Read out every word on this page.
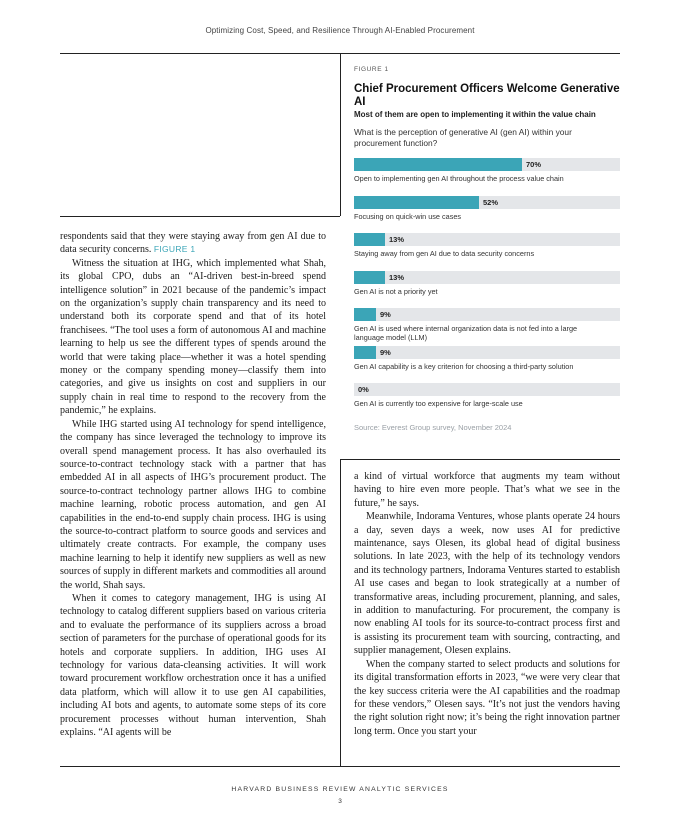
Optimizing Cost, Speed, and Resilience Through AI-Enabled Procurement

respondents said that they were staying away from gen AI due to data security concerns. FIGURE 1

Witness the situation at IHG, which implemented what Shah, its global CPO, dubs an “AI-driven best-in-breed spend intelligence solution” in 2021 because of the pandemic’s impact on the organization’s supply chain transparency and its need to understand both its corporate spend and that of its hotel franchisees. “The tool uses a form of autonomous AI and machine learning to help us see the different types of spends around the world that were taking place—whether it was a hotel spending money or the company spending money—classify them into categories, and give us insights on cost and suppliers in our supply chain in real time to respond to the recovery from the pandemic,” he explains.

While IHG started using AI technology for spend intelligence, the company has since leveraged the technology to improve its overall spend management process. It has also overhauled its source-to-contract technology stack with a partner that has embedded AI in all aspects of IHG’s procurement product. The source-to-contract technology partner allows IHG to combine machine learning, robotic process automation, and gen AI capabilities in the end-to-end supply chain process. IHG is using the source-to-contract platform to source goods and services and ultimately create contracts. For example, the company uses machine learning to help it identify new suppliers as well as new sources of supply in different markets and commodities all around the world, Shah says.

When it comes to category management, IHG is using AI technology to catalog different suppliers based on various criteria and to evaluate the performance of its suppliers across a broad section of parameters for the purchase of operational goods for its hotels and corporate suppliers. In addition, IHG uses AI technology for various data-cleansing activities. It will work toward procurement workflow orchestration once it has a unified data platform, which will allow it to use gen AI capabilities, including AI bots and agents, to automate some steps of its core procurement processes without human intervention, Shah explains. “AI agents will be

FIGURE 1
Chief Procurement Officers Welcome Generative AI
Most of them are open to implementing it within the value chain
What is the perception of generative AI (gen AI) within your procurement function?
70%
Open to implementing gen AI throughout the process value chain
52%
Focusing on quick-win use cases
13%
Staying away from gen AI due to data security concerns
13%
Gen AI is not a priority yet
9%
Gen AI is used where internal organization data is not fed into a large language model (LLM)
9%
Gen AI capability is a key criterion for choosing a third-party solution
0%
Gen AI is currently too expensive for large-scale use
Source: Everest Group survey, November 2024

a kind of virtual workforce that augments my team without having to hire even more people. That’s what we see in the future,” he says.

Meanwhile, Indorama Ventures, whose plants operate 24 hours a day, seven days a week, now uses AI for predictive maintenance, says Olesen, its global head of digital business solutions. In late 2023, with the help of its technology vendors and its technology partners, Indorama Ventures started to establish AI use cases and began to look strategically at a number of transformative areas, including procurement, planning, and sales, in addition to manufacturing. For procurement, the company is now enabling AI tools for its source-to-contract process first and is assisting its procurement team with sourcing, contracting, and supplier management, Olesen explains.

When the company started to select products and solutions for its digital transformation efforts in 2023, “we were very clear that the key success criteria were the AI capabilities and the roadmap for these vendors,” Olesen says. “It’s not just the vendors having the right solution right now; it’s being the right innovation partner long term. Once you start your

HARVARD BUSINESS REVIEW ANALYTIC SERVICES
3
